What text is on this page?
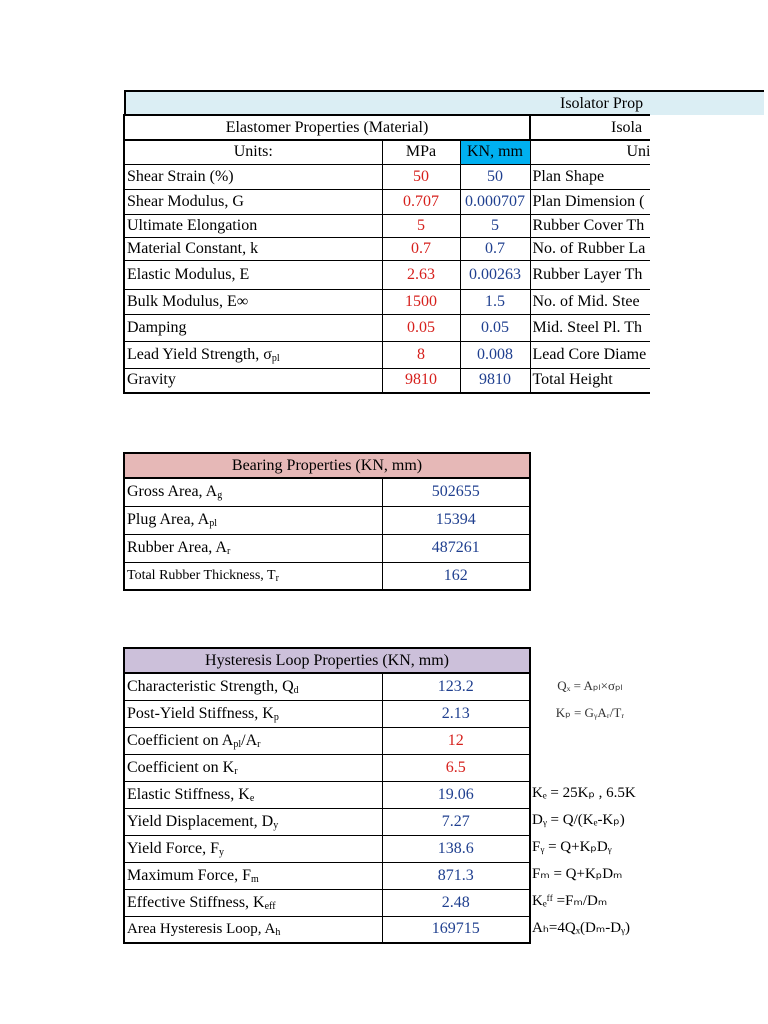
Isolator Prop
Elastomer Properties (Material)			Isola
Units:	MPa	KN, mm	Uni
Shear Strain (%)	50	50	Plan Shape
Shear Modulus, G	0.707	0.000707	Plan Dimension (
Ultimate Elongation	5	5	Rubber Cover Th
Material Constant, k	0.7	0.7	No. of Rubber La
Elastic Modulus, E	2.63	0.00263	Rubber Layer Th
Bulk Modulus, E∞	1500	1.5	No. of Mid. Stee
Damping	0.05	0.05	Mid. Steel Pl. Th
Lead Yield Strength, $\sigma_{pl}$	8	0.008	Lead Core Diame
Gravity	9810	9810	Total Height
Bearing Properties (KN, mm)	
Gross Area, $A_g$	502655
Plug Area, $A_{pl}$	15394
Rubber Area, $A_r$	487261
Total Rubber Thickness, $T_r$	162
Hysteresis Loop Properties (KN, mm)	
Characteristic Strength, $Q_d$	123.2
Post-Yield Stiffness, $K_p$	2.13
Coefficient on $A_{pl}/A_r$	12
Coefficient on $K_r$	6.5
Elastic Stiffness, $K_e$	19.06
Yield Displacement, $D_y$	7.27
Yield Force, $F_y$	138.6
Maximum Force, $F_m$	871.3
Effective Stiffness, $K_{eff}$	2.48
Area Hysteresis Loop, $A_h$	169715
Qₓ = Aₚₗ×σₚₗ
Kₚ = GᵧAᵣ/Tᵣ
Kₑ = 25Kₚ , 6.5K
Dᵧ = Q/(Kₑ-Kₚ)
Fᵧ = Q+KₚDᵧ
Fₘ = Q+KₚDₘ
Kₑᶠᶠ =Fₘ/Dₘ
Aₕ=4Qₓ(Dₘ-Dᵧ)
